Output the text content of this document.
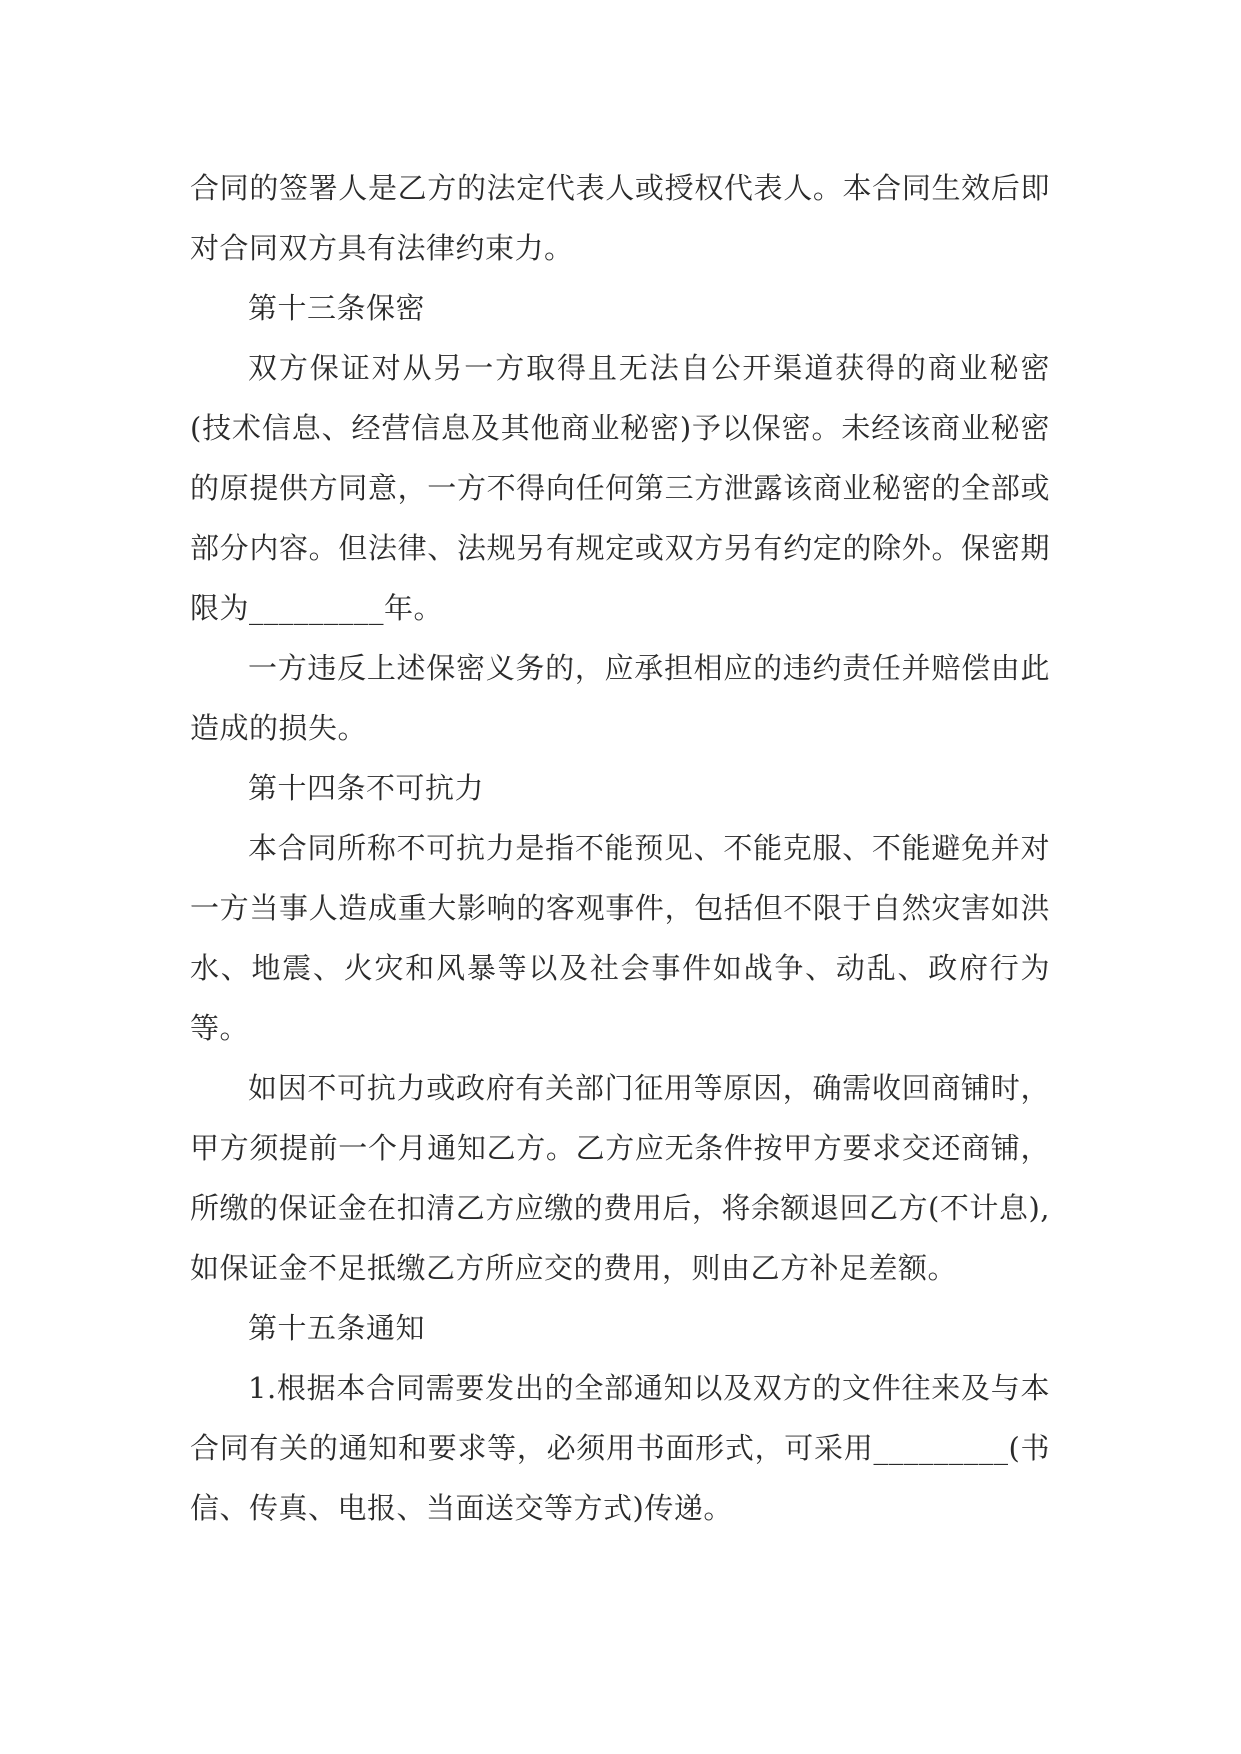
合同的签署人是乙方的法定代表人或授权代表人。本合同生效后即对合同双方具有法律约束力。

第十三条保密

双方保证对从另一方取得且无法自公开渠道获得的商业秘密(技术信息、经营信息及其他商业秘密)予以保密。未经该商业秘密的原提供方同意，一方不得向任何第三方泄露该商业秘密的全部或部分内容。但法律、法规另有规定或双方另有约定的除外。保密期限为_________年。

一方违反上述保密义务的，应承担相应的违约责任并赔偿由此造成的损失。

第十四条不可抗力

本合同所称不可抗力是指不能预见、不能克服、不能避免并对一方当事人造成重大影响的客观事件，包括但不限于自然灾害如洪水、地震、火灾和风暴等以及社会事件如战争、动乱、政府行为等。

如因不可抗力或政府有关部门征用等原因，确需收回商铺时，甲方须提前一个月通知乙方。乙方应无条件按甲方要求交还商铺，所缴的保证金在扣清乙方应缴的费用后，将余额退回乙方(不计息),如保证金不足抵缴乙方所应交的费用，则由乙方补足差额。

第十五条通知

1.根据本合同需要发出的全部通知以及双方的文件往来及与本合同有关的通知和要求等，必须用书面形式，可采用_________(书信、传真、电报、当面送交等方式)传递。
